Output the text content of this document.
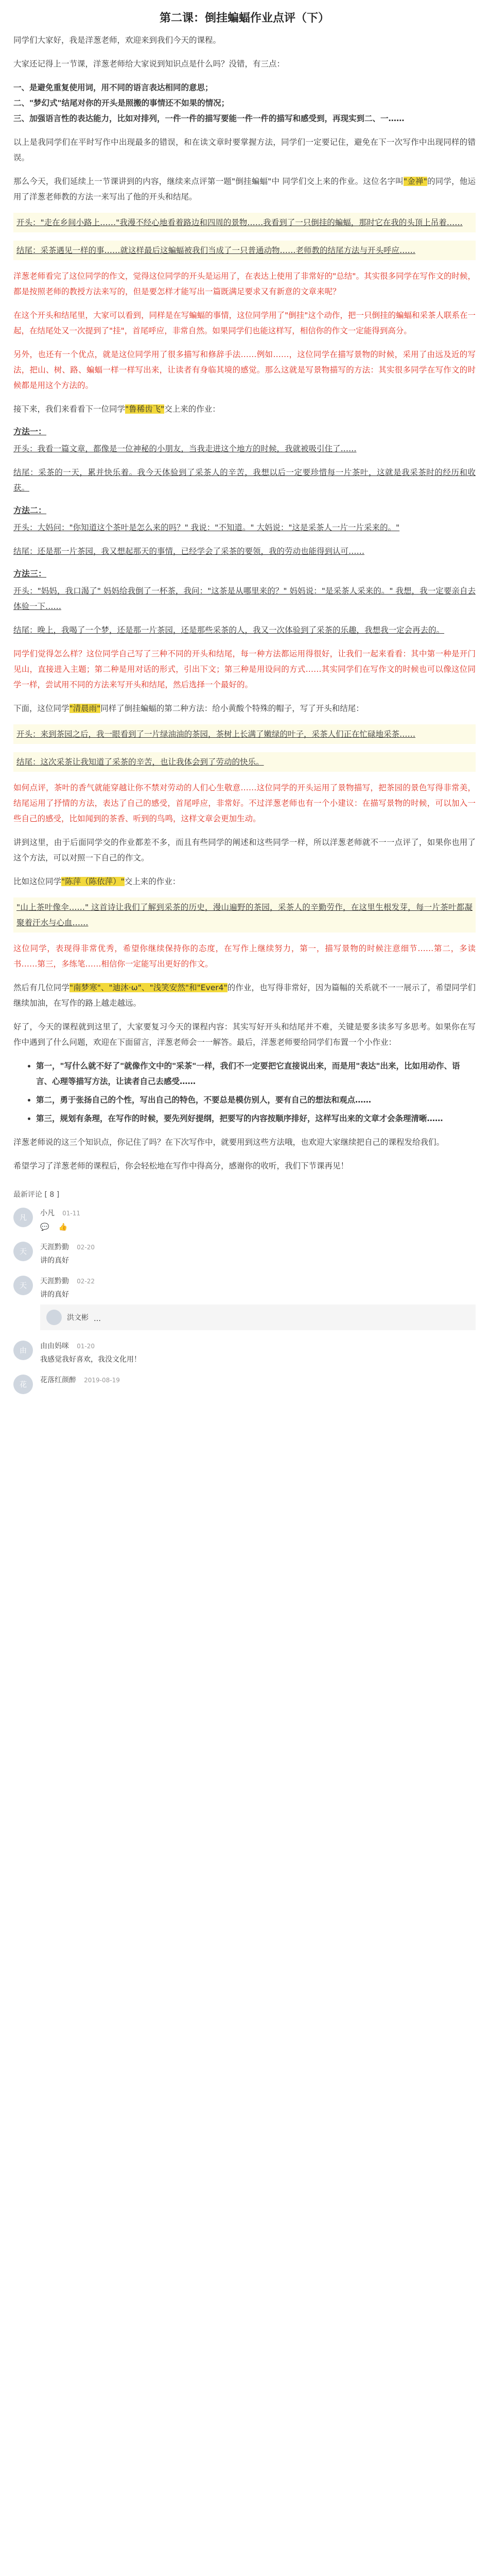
第二课：倒挂蝙蝠作业点评（下）
同学们大家好，我是洋葱老师，欢迎来到我们今天的课程。
大家还记得上一节课，洋葱老师给大家说到知识点是什么吗？没错，有三点：
一、是避免重复使用词，用不同的语言表达相同的意思；
二、"梦幻式"结尾对你的开头是照搬的事情还不如果的情况；
三、加强语言性的表达能力，比如对排列，一件一件的描写要能一件一件的描写和感受到，再现实到二、一……
以上是我同学们在平时写作中出现最多的错误，和在读文章时要掌握方法，同学们一定要记住，避免在下一次写作中出现同样的错误。
那么今天，我们延续上一节课讲到的内容，继续来点评第一题"倒挂蝙蝠"中 同学们交上来的作业。这位名字叫"金禅"的同学，他运用了洋葱老师教的方法一来写出了他的开头和结尾。
开头："走在乡间小路上……"我漫不经心地看着路边和四周的景物……我看到了一只倒挂的蝙蝠，那时它在我的头顶上吊着……
结尾：采茶遇见一样的事……就这样最后这蝙蝠被我们当成了一只普通动物……老师教的结尾方法与开头呼应……
洋葱老师看完了这位同学的作文，觉得这位同学的开头是运用了，在表达上使用了非常好的"总结"。其实很多同学在写作文的时候，都是按照老师的教授方法来写的，但是要怎样才能写出一篇既满足要求又有新意的文章来呢？
在这个开头和结尾里，大家可以看到，同样是在写蝙蝠的事情，这位同学用了"倒挂"这个动作，把一只倒挂的蝙蝠和采茶人联系在一起，在结尾处又一次提到了"挂"，首尾呼应，非常自然。如果同学们也能这样写，相信你的作文一定能得到高分。
另外，也还有一个优点，就是这位同学用了很多描写和修辞手法……例如……，这位同学在描写景物的时候，采用了由远及近的写法，把山、树、路、蝙蝠一样一样写出来，让读者有身临其境的感觉。那么这就是写景物描写的方法：其实很多同学在写作文的时候都是用这个方法的。
接下来，我们来看看下一位同学"鲁稀齿飞"交上来的作业：
方法一：
开头：我看一篇文章，都像是一位神秘的小朋友，当我走进这个地方的时候，我就被吸引住了……
结尾：采茶的一天，累并快乐着。我今天体验到了采茶人的辛苦，我想以后一定要珍惜每一片茶叶，这就是我采茶时的经历和收获。
方法二：
开头：大妈问："你知道这个茶叶是怎么来的吗？" 我说："不知道。" 大妈说："这是采茶人一片一片采来的。"
结尾：还是那一片茶园，我又想起那天的事情，已经学会了采茶的要领，我的劳动也能得到认可……
方法三：
开头："妈妈，我口渴了" 妈妈给我倒了一杯茶，我问："这茶是从哪里来的？" 妈妈说："是采茶人采来的。" 我想，我一定要亲自去体验一下……
结尾：晚上，我喝了一个梦，还是那一片茶园，还是那些采茶的人，我又一次体验到了采茶的乐趣，我想我一定会再去的。
同学们觉得怎么样？这位同学自己写了三种不同的开头和结尾，每一种方法都运用得很好，让我们一起来看看：其中第一种是开门见山，直接进入主题；第二种是用对话的形式，引出下文；第三种是用设问的方式……其实同学们在写作文的时候也可以像这位同学一样，尝试用不同的方法来写开头和结尾，然后选择一个最好的。
下面，这位同学"清晨雨"同样了倒挂蝙蝠的第二种方法：给小黄酸个特殊的帽子，写了开头和结尾：
开头：来到茶园之后，我一眼看到了一片绿油油的茶园，茶树上长满了嫩绿的叶子，采茶人们正在忙碌地采茶……
结尾：这次采茶让我知道了采茶的辛苦，也让我体会到了劳动的快乐。
如何点评，茶叶的香气就能穿越让你不禁对劳动的人们心生敬意……这位同学的开头运用了景物描写，把茶园的景色写得非常美，结尾运用了抒情的方法，表达了自己的感受，首尾呼应，非常好。不过洋葱老师也有一个小建议：在描写景物的时候，可以加入一些自己的感受，比如闻到的茶香、听到的鸟鸣，这样文章会更加生动。
讲到这里，由于后面同学交的作业都差不多，而且有些同学的阐述和这些同学一样，所以洋葱老师就不一一点评了，如果你也用了这个方法，可以对照一下自己的作文。
比如这位同学"陈萍（陈依萍）"交上来的作业：
"山上茶叶像伞……" 这首诗让我们了解到采茶的历史，漫山遍野的茶园，采茶人的辛勤劳作，在这里生根发芽，每一片茶叶都凝聚着汗水与心血……
这位同学，表现得非常优秀，希望你继续保持你的态度，在写作上继续努力，第一，描写景物的时候注意细节……第二，多读书……第三，多练笔……相信你一定能写出更好的作文。
然后有几位同学"南梦寒"、"迪沐·ω"、"浅笑安然"和"Ever4"的作业，也写得非常好，因为篇幅的关系就不一一展示了，希望同学们继续加油，在写作的路上越走越远。
好了，今天的课程就到这里了，大家要复习今天的课程内容：其实写好开头和结尾并不难，关键是要多读多写多思考。如果你在写作中遇到了什么问题，欢迎在下面留言，洋葱老师会一一解答。最后，洋葱老师要给同学们布置一个小作业：
• 第一，"写什么就不好了"就像作文中的"采茶"一样，我们不一定要把它直接说出来，而是用"表达"出来，比如用动作、语言、心理等描写方法，让读者自己去感受……
• 第二，勇于张扬自己的个性，写出自己的特色，不要总是模仿别人，要有自己的想法和观点……
• 第三，规划有条理，在写作的时候，要先列好提纲，把要写的内容按顺序排好，这样写出来的文章才会条理清晰……
洋葱老师说的这三个知识点，你记住了吗？在下次写作中，就要用到这些方法哦，也欢迎大家继续把自己的课程发给我们。
希望学习了洋葱老师的课程后，你会轻松地在写作中得高分，感谢你的收听，我们下节课再见！
最新评论 [ 8 ]
凡
小凡 01-11
💬 👍
天
天涯黔勤 02-20
讲的真好
天
天涯黔勤 02-22
讲的真好
洪文彬 …
由
由由妈咪 01-20
我感觉我好喜欢，我没文化用！
花
花落红颜醉 2019-08-19
